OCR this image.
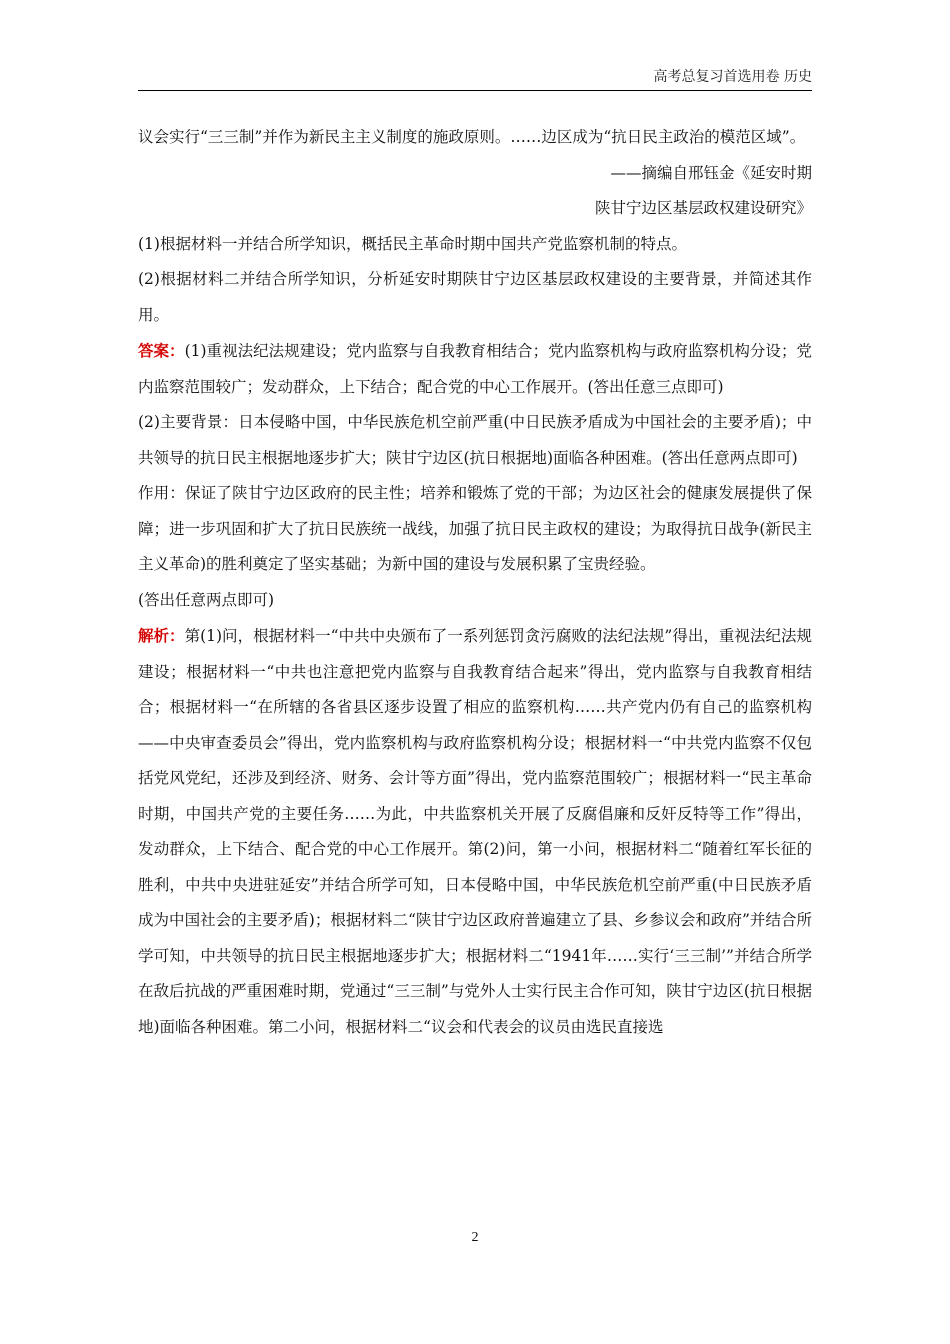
高考总复习首选用卷 历史

议会实行“三三制”并作为新民主主义制度的施政原则。……边区成为“抗日民主政治的模范区域”。

——摘编自邢钰金《延安时期

陕甘宁边区基层政权建设研究》

(1)根据材料一并结合所学知识，概括民主革命时期中国共产党监察机制的特点。

(2)根据材料二并结合所学知识，分析延安时期陕甘宁边区基层政权建设的主要背景，并简述其作用。

答案：(1)重视法纪法规建设；党内监察与自我教育相结合；党内监察机构与政府监察机构分设；党内监察范围较广；发动群众，上下结合；配合党的中心工作展开。(答出任意三点即可)

(2)主要背景：日本侵略中国，中华民族危机空前严重(中日民族矛盾成为中国社会的主要矛盾)；中共领导的抗日民主根据地逐步扩大；陕甘宁边区(抗日根据地)面临各种困难。(答出任意两点即可)

作用：保证了陕甘宁边区政府的民主性；培养和锻炼了党的干部；为边区社会的健康发展提供了保障；进一步巩固和扩大了抗日民族统一战线，加强了抗日民主政权的建设；为取得抗日战争(新民主主义革命)的胜利奠定了坚实基础；为新中国的建设与发展积累了宝贵经验。

(答出任意两点即可)

解析：第(1)问，根据材料一“中共中央颁布了一系列惩罚贪污腐败的法纪法规”得出，重视法纪法规建设；根据材料一“中共也注意把党内监察与自我教育结合起来”得出，党内监察与自我教育相结合；根据材料一“在所辖的各省县区逐步设置了相应的监察机构……共产党内仍有自己的监察机构——中央审查委员会”得出，党内监察机构与政府监察机构分设；根据材料一“中共党内监察不仅包括党风党纪，还涉及到经济、财务、会计等方面”得出，党内监察范围较广；根据材料一“民主革命时期，中国共产党的主要任务……为此，中共监察机关开展了反腐倡廉和反奸反特等工作”得出，发动群众，上下结合、配合党的中心工作展开。第(2)问，第一小问，根据材料二“随着红军长征的胜利，中共中央进驻延安”并结合所学可知，日本侵略中国，中华民族危机空前严重(中日民族矛盾成为中国社会的主要矛盾)；根据材料二“陕甘宁边区政府普遍建立了县、乡参议会和政府”并结合所学可知，中共领导的抗日民主根据地逐步扩大；根据材料二“1941年……实行‘三三制’”并结合所学在敌后抗战的严重困难时期，党通过“三三制”与党外人士实行民主合作可知，陕甘宁边区(抗日根据地)面临各种困难。第二小问，根据材料二“议会和代表会的议员由选民直接选

2
